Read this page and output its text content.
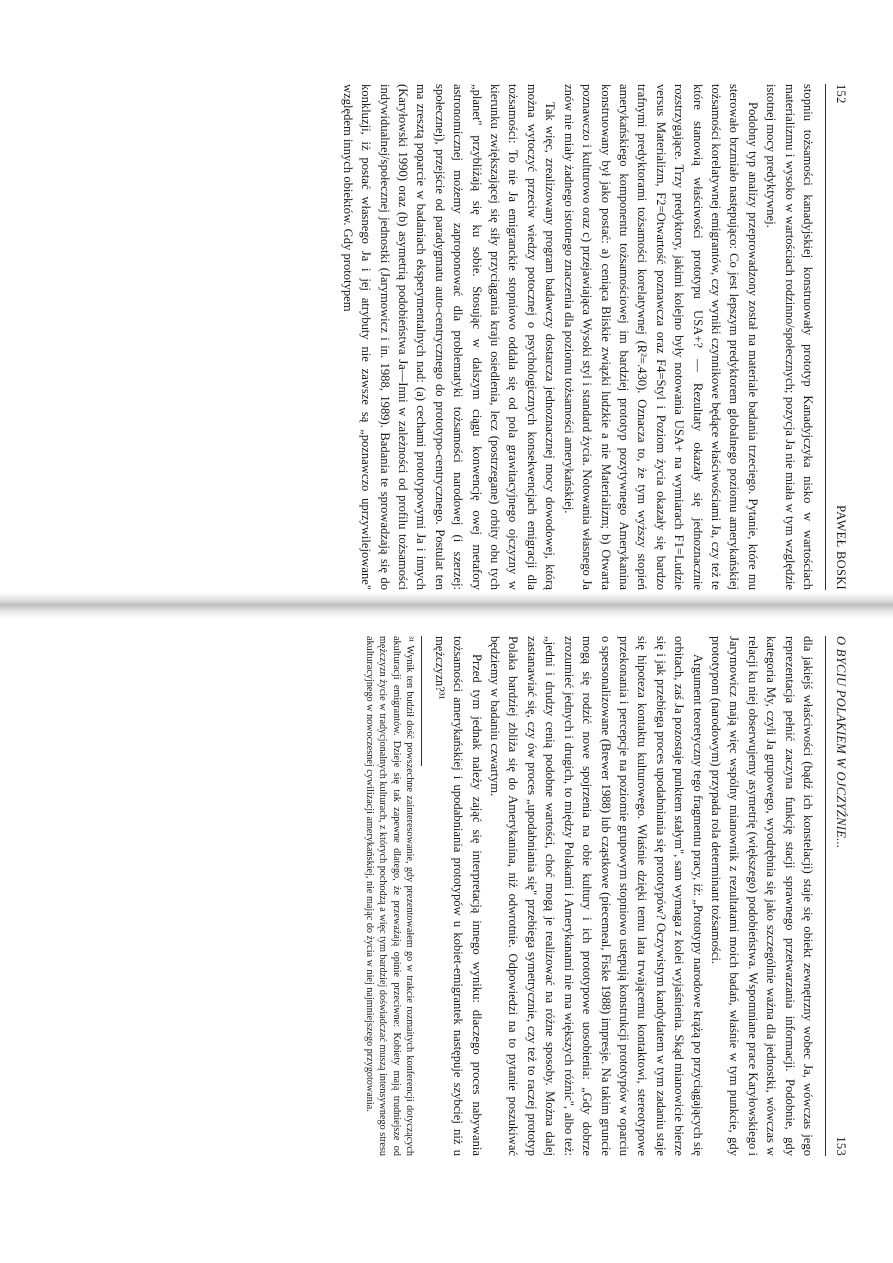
152
PAWEŁ BOSKI

stopniu tożsamości kanadyjskiej konstruowały prototyp Kanadyjczyka nisko w wartościach materializmu i wysoko w wartościach rodzinno/społecznych; pozycja Ja nie miała w tym względzie istotnej mocy predyktywnej.

Podobny typ analizy przeprowadzony został na materiale badania trzeciego. Pytanie, które mu sterowało brzmiało następująco: Co jest lepszym predyktorem globalnego poziomu amerykańskiej tożsamości korelatywnej emigrantów, czy wyniki czynnikowe będące właściwościami Ja, czy też te które stanowią właściwości prototypu USA+? — Rezultaty okazały się jednoznacznie rozstrzygające. Trzy predyktory, jakimi kolejno były notowania USA+ na wymiarach F1=Ludzie versus Materializm, F2=Otwartość poznawcza oraz F4=Styl i Poziom życia okazały się bardzo trafnymi predyktorami tożsamości korelatywnej (R²=.430). Oznacza to, że tym wyższy stopień amerykańskiego komponentu tożsamościowej im bardziej prototyp pozytywnego Amerykanina konstruowany był jako postać: a) ceniąca Bliskie związki ludzkie a nie Materializm; b) Otwarta poznawczo i kulturowo oraz c) przejawiająca Wysoki styl i standard życia. Notowania własnego Ja znów nie miały żadnego istotnego znaczenia dla poziomu tożsamości amerykańskiej.

Tak więc, zrealizowany program badawczy dostarcza jednoznacznej mocy dowodowej, którą można wytoczyć przeciw wiedzy potocznej o psychologicznych konsekwencjach emigracji dla tożsamości: To nie Ja emigranckie stopniowo oddala się od pola grawitacyjnego ojczyzny w kierunku zwiększającej się siły przyciągania kraju osiedlenia, lecz (postrzegane) orbity obu tych „planet" przybliżają się ku sobie. Stosując w dalszym ciągu konwencję owej metafory astronomicznej możemy zaproponować dla problematyki tożsamości narodowej (i szerzej: społecznej), przejście od paradygmatu auto-centrycznego do prototypo-centrycznego. Postulat ten ma zresztą poparcie w badaniach eksperymentalnych nad: (a) cechami prototypowymi Ja i innych (Karyłowski 1990) oraz (b) asymetrią podobieństwa Ja—Inni w zależności od profilu tożsamości indywidualnej/społecznej jednostki (Jarymowicz i in. 1988, 1989). Badania te sprowadzają się do konkluzji, iż postać własnego Ja i jej atrybuty nie zawsze są „poznawczo uprzywilejowane" względem innych obiektów. Gdy prototypem

O BYCIU POLAKIEM W OJCZYŹNIE...
153

dla jakiejś właściwości (bądź ich konstelacji) staje się obiekt zewnętrzny wobec Ja, wówczas jego reprezentacja pełnić zaczyna funkcję stacji sprawnego przetwarzania informacji. Podobnie, gdy kategoria My, czyli Ja grupowego, wyodrębnia się jako szczególnie ważna dla jednostki, wówczas w relacji ku niej obserwujemy asymetrię (większego) podobieństwa. Wspomniane prace Karyłowskiego i Jarymowicz mają więc wspólny mianownik z rezultatami moich badań, właśnie w tym punkcie, gdy prototypom (narodowym) przypada rola determinant tożsamości.

Argument teoretyczny tego fragmentu pracy, iż: „Prototypy narodowe krążą po przyciągających się orbitach, zaś Ja pozostaje punktem stałym", sam wymaga z kolei wyjaśnienia. Skąd mianowicie bierze się i jak przebiega proces upodabniania się prototypów? Oczywistym kandydatem w tym zadaniu staje się hipoteza kontaktu kulturowego. Właśnie dzięki temu lata trwającemu kontaktowi, stereotypowe przekonania i percepcje na poziomie grupowym stopniowo ustępują konstrukcji prototypów w oparciu o spersonalizowane (Brewer 1988) lub cząstkowe (piecemeal, Fiske 1988) impresje. Na takim gruncie mogą się rodzić nowe spojrzenia na obie kultury i ich prototypowe uosobienia: „Gdy dobrze zrozumieć jednych i drugich, to między Polakami i Amerykanami nie ma większych różnic", albo też: „jedni i drudzy cenią podobne wartości, choć mogą je realizować na różne sposoby. Można dalej zastanawiać się, czy ów proces „upodabniania się" przebiega symetrycznie, czy też to raczej prototyp Polaka bardziej zbliża się do Amerykanina, niż odwrotnie. Odpowiedzi na to pytanie poszukiwać będziemy w badaniu czwartym.

Przed tym jednak należy zająć się interpretacją innego wyniku: dlaczego proces nabywania tożsamości amerykańskiej i upodabniania prototypów u kobiet-emigrantek następuje szybciej niż u mężczyzn?³¹

³¹ Wynik ten budził dość powszechne zainteresowanie, gdy prezentowałem go w trakcie rozmaitych konferencji dotyczących akulturacji emigrantów. Dzieje się tak zapewne dlatego, że przeważają opinie przeciwne: Kobiety mają trudniejsze od mężczyzn życie w tradycjonalnych kulturach, z których pochodzą a więc tym bardziej doświadczać muszą intensywnego stresu akulturacyjnego w nowoczesnej cywilizacji amerykańskiej, nie mając do życia w niej najmniejszego przygotowania.
